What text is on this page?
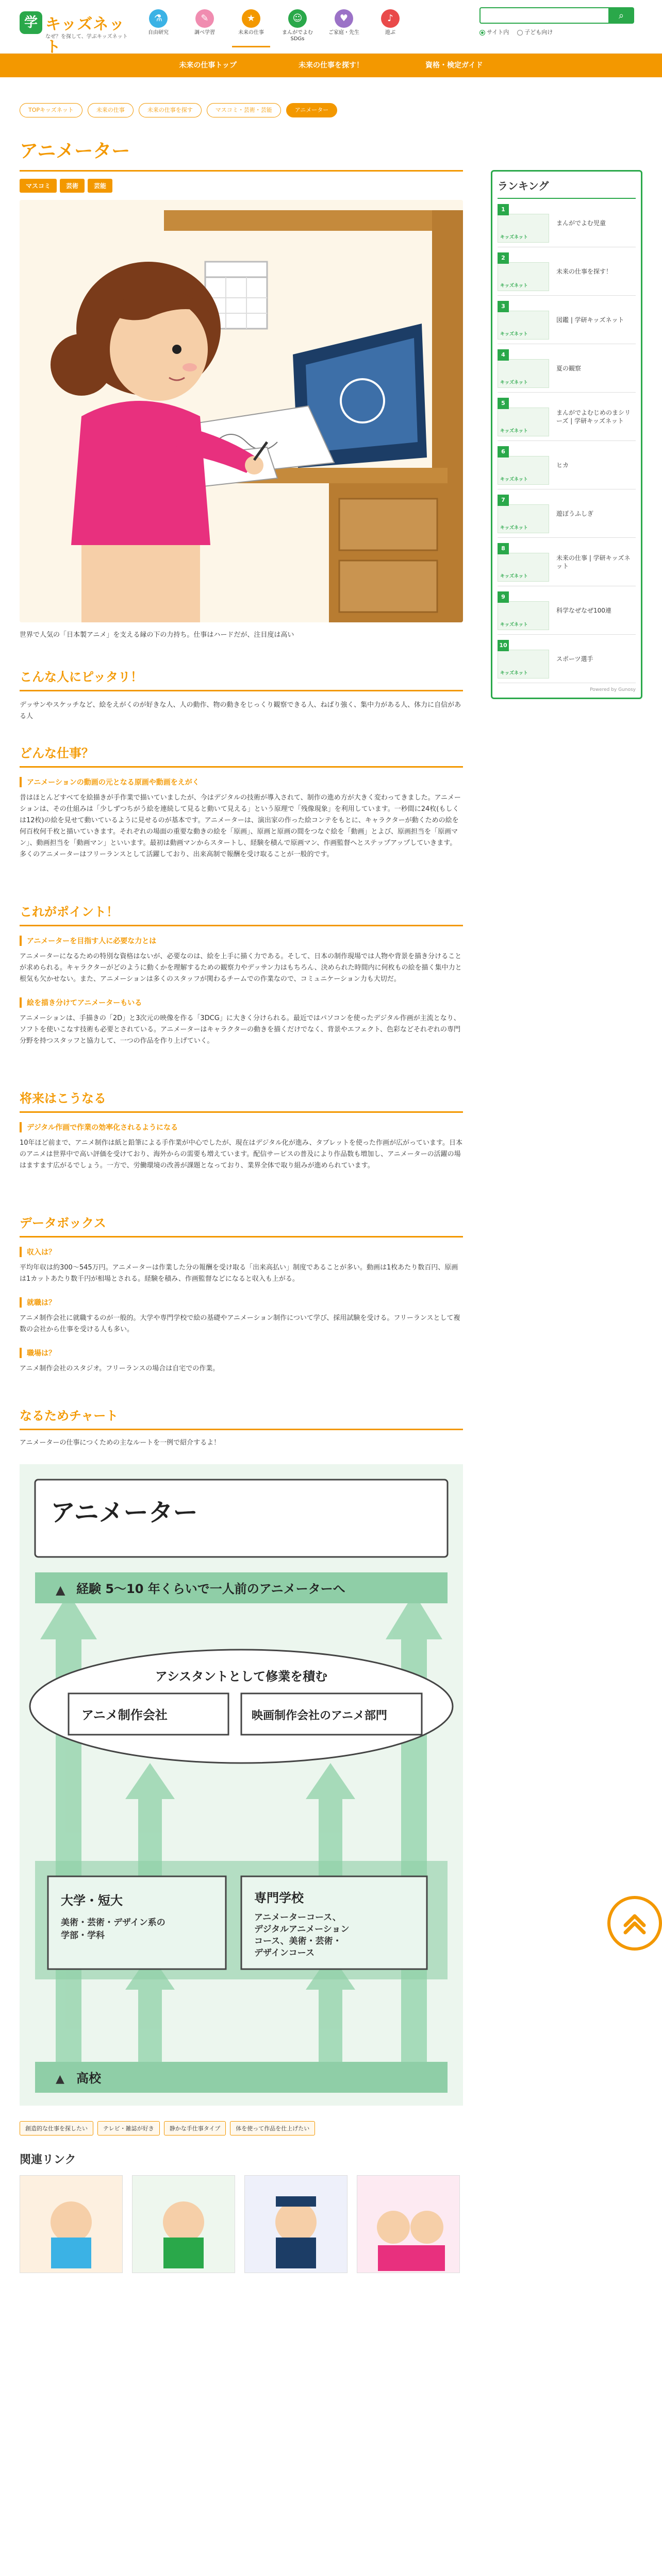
学 キッズネット
なぜ？を探して、学ぶキッズネット
⚗
自由研究
✎
調べ学習
★
未来の仕事
☺
まんがでよむ
SDGs
♥
ご家庭・先生
♪
遊ぶ
⌕
サイト内	子ども向け
未来の仕事トップ	未来の仕事を探す！	資格・検定ガイド
TOPキッズネット	未来の仕事	未来の仕事を探す	マスコミ・芸術・芸能	アニメーター
アニメーター
マスコミ	芸術	芸能

世界で人気の「日本製アニメ」を支える縁の下の力持ち。仕事はハードだが、注目度は高い

こんな人にピッタリ！

デッサンやスケッチなど、絵をえがくのが好きな人、人の動作、物の動きをじっくり観察できる人、ねばり強く、集中力がある人、体力に自信がある人

どんな仕事？
アニメーションの動画の元となる原画や動画をえがく

昔はほとんどすべてを絵描きが手作業で描いていましたが、今はデジタルの技術が導入されて、制作の進め方が大きく変わってきました。アニメーションは、その仕組みは「少しずつちがう絵を連続して見ると動いて見える」という原理で「残像現象」を利用しています。一秒間に24枚(もしくは12枚)の絵を見せて動いているように見せるのが基本です。アニメーターは、演出家の作った絵コンテをもとに、キャラクターが動くための絵を何百枚何千枚と描いていきます。それぞれの場面の重要な動きの絵を「原画」、原画と原画の間をつなぐ絵を「動画」とよび、原画担当を「原画マン」、動画担当を「動画マン」といいます。最初は動画マンからスタートし、経験を積んで原画マン、作画監督へとステップアップしていきます。多くのアニメーターはフリーランスとして活躍しており、出来高制で報酬を受け取ることが一般的です。

これがポイント！
アニメーターを目指す人に必要な力とは

アニメーターになるための特別な資格はないが、必要なのは、絵を上手に描く力である。そして、日本の制作現場では人物や背景を描き分けることが求められる。キャラクターがどのように動くかを理解するための観察力やデッサン力はもちろん、決められた時間内に何枚もの絵を描く集中力と根気も欠かせない。また、アニメーションは多くのスタッフが関わるチームでの作業なので、コミュニケーション力も大切だ。

絵を描き分けてアニメーターもいる

アニメーションは、手描きの「2D」と3次元の映像を作る「3DCG」に大きく分けられる。最近ではパソコンを使ったデジタル作画が主流となり、ソフトを使いこなす技術も必要とされている。アニメーターはキャラクターの動きを描くだけでなく、背景やエフェクト、色彩などそれぞれの専門分野を持つスタッフと協力して、一つの作品を作り上げていく。

将来はこうなる
デジタル作画で作業の効率化されるようになる

10年ほど前まで、アニメ制作は紙と鉛筆による手作業が中心でしたが、現在はデジタル化が進み、タブレットを使った作画が広がっています。日本のアニメは世界中で高い評価を受けており、海外からの需要も増えています。配信サービスの普及により作品数も増加し、アニメーターの活躍の場はますます広がるでしょう。一方で、労働環境の改善が課題となっており、業界全体で取り組みが進められています。

データボックス
収入は？

平均年収は約300〜545万円。アニメーターは作業した分の報酬を受け取る「出来高払い」制度であることが多い。動画は1枚あたり数百円、原画は1カットあたり数千円が相場とされる。経験を積み、作画監督などになると収入も上がる。

就職は？

アニメ制作会社に就職するのが一般的。大学や専門学校で絵の基礎やアニメーション制作について学び、採用試験を受ける。フリーランスとして複数の会社から仕事を受ける人も多い。

職場は？

アニメ制作会社のスタジオ。フリーランスの場合は自宅での作業。

なるためチャート

アニメーターの仕事につくための主なルートを一例で紹介するよ！

アニメーター
▲ 経験 5〜10 年くらいで一人前のアニメーターへ
アシスタントとして修業を積む
アニメ制作会社	映画制作会社のアニメ部門
大学・短大
美術・芸術・デザイン系の
学部・学科
専門学校
アニメーターコース、
デジタルアニメーション
コース、美術・芸術・
デザインコース
▲ 高校
創造的な仕事を探したい	テレビ・雑誌が好き	静かな手仕事タイプ	体を使って作品を仕上げたい
関連リンク
ランキング
1
キッズネット
まんがでよむ児童
2
キッズネット
未来の仕事を探す！
3
キッズネット
図鑑 | 学研キッズネット
4
キッズネット
夏の観察
5
キッズネット
まんがでよむじめのまシリーズ | 学研キッズネット
6
キッズネット
ヒカ
7
キッズネット
遊ぼうふしぎ
8
キッズネット
未来の仕事 | 学研キッズネット
9
キッズネット
科学なぜなぜ100連
10
キッズネット
スポーツ選手
Powered by Gunosy
